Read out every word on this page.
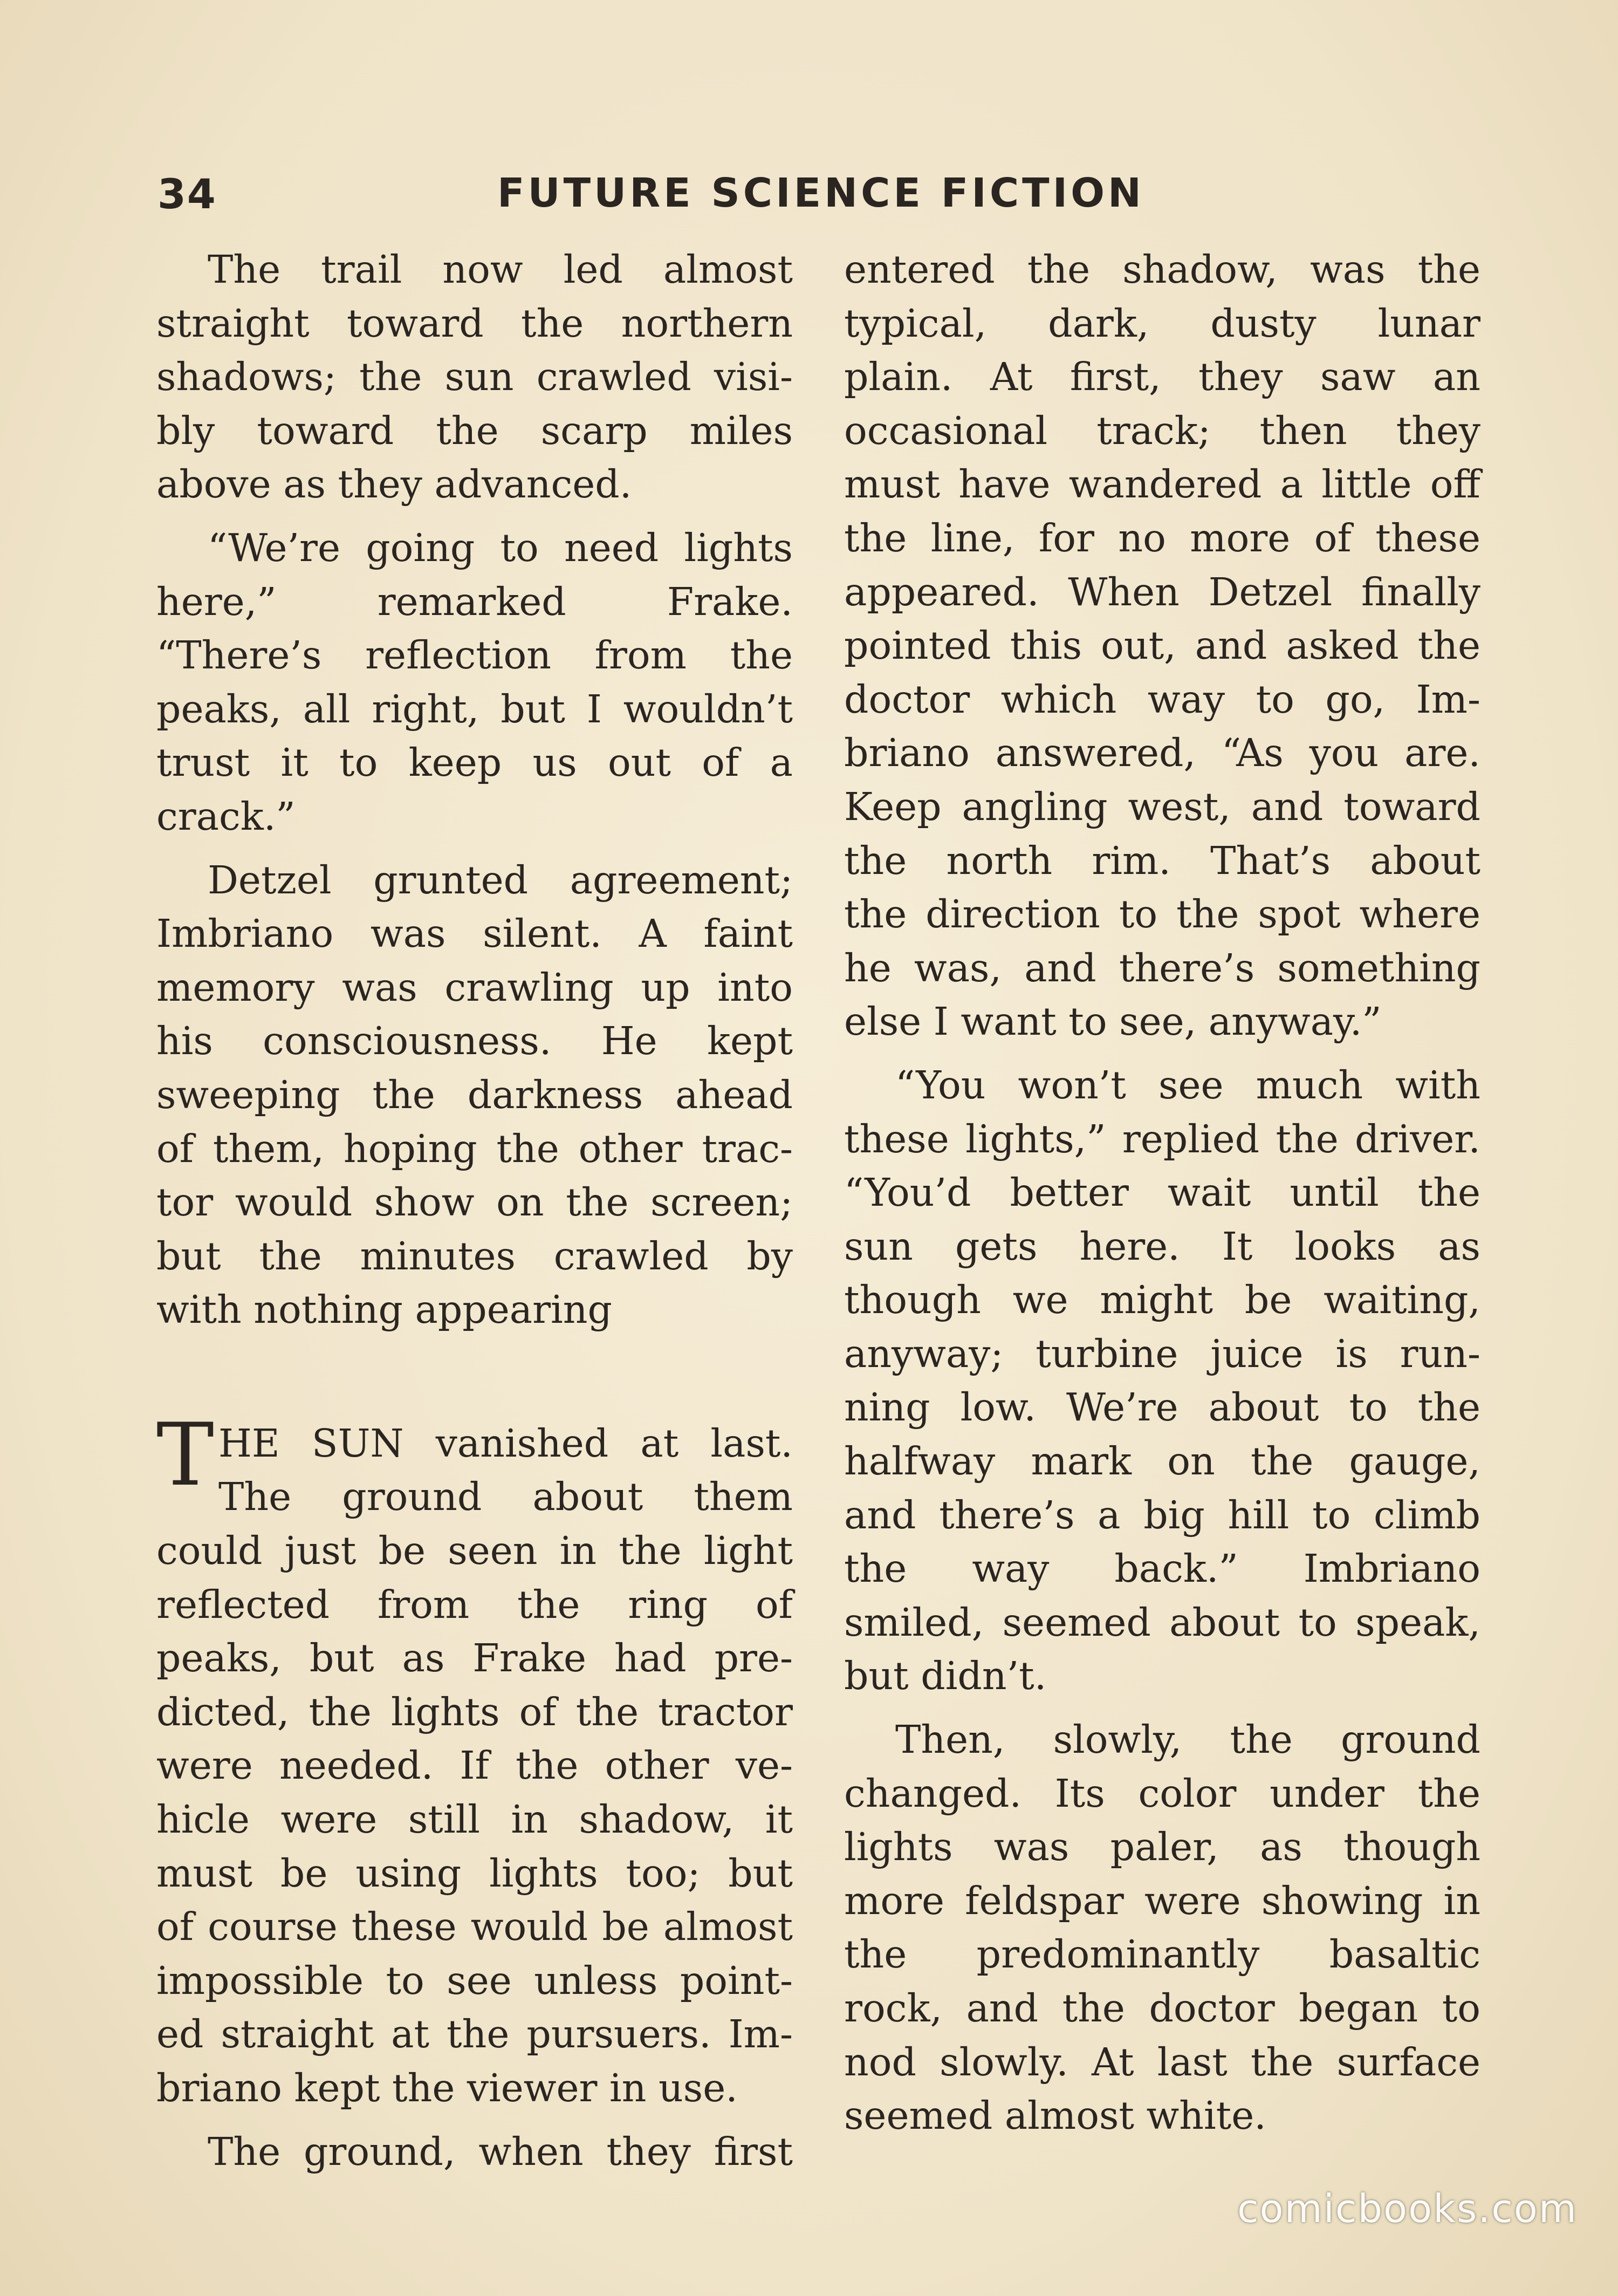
34	FUTURE SCIENCE FICTION
The trail now led almost
straight toward the northern
shadows; the sun crawled visi-
bly toward the scarp miles
above as they advanced.
“We’re going to need lights
here,” remarked Frake.
“There’s reflection from the
peaks, all right, but I wouldn’t
trust it to keep us out of a
crack.”
Detzel grunted agreement;
Imbriano was silent. A faint
memory was crawling up into
his consciousness. He kept
sweeping the darkness ahead
of them, hoping the other trac-
tor would show on the screen;
but the minutes crawled by
with nothing appearing
T HE SUN vanished at last.
The ground about them
could just be seen in the light
reflected from the ring of
peaks, but as Frake had pre-
dicted, the lights of the tractor
were needed. If the other ve-
hicle were still in shadow, it
must be using lights too; but
of course these would be almost
impossible to see unless point-
ed straight at the pursuers. Im-
briano kept the viewer in use.
The ground, when they first
entered the shadow, was the
typical, dark, dusty lunar
plain. At first, they saw an
occasional track; then they
must have wandered a little off
the line, for no more of these
appeared. When Detzel finally
pointed this out, and asked the
doctor which way to go, Im-
briano answered, “As you are.
Keep angling west, and toward
the north rim. That’s about
the direction to the spot where
he was, and there’s something
else I want to see, anyway.”
“You won’t see much with
these lights,” replied the driver.
“You’d better wait until the
sun gets here. It looks as
though we might be waiting,
anyway; turbine juice is run-
ning low. We’re about to the
halfway mark on the gauge,
and there’s a big hill to climb
the way back.” Imbriano
smiled, seemed about to speak,
but didn’t.
Then, slowly, the ground
changed. Its color under the
lights was paler, as though
more feldspar were showing in
the predominantly basaltic
rock, and the doctor began to
nod slowly. At last the surface
seemed almost white.
comicbooks.com
